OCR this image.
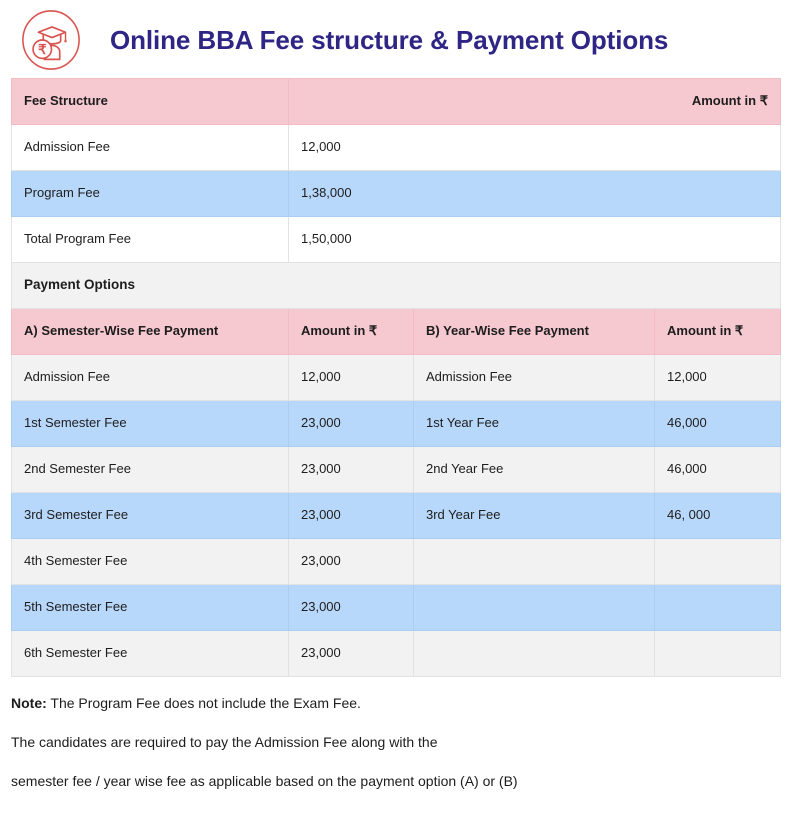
₹ Online BBA Fee structure & Payment Options
Fee Structure	Amount in ₹		
Admission Fee	12,000		
Program Fee	1,38,000		
Total Program Fee	1,50,000		
Payment Options			
A) Semester-Wise Fee Payment	Amount in ₹	B) Year-Wise Fee Payment	Amount in ₹
Admission Fee	12,000	Admission Fee	12,000
1st Semester Fee	23,000	1st Year Fee	46,000
2nd Semester Fee	23,000	2nd Year Fee	46,000
3rd Semester Fee	23,000	3rd Year Fee	46, 000
4th Semester Fee	23,000		
5th Semester Fee	23,000		
6th Semester Fee	23,000		

Note: The Program Fee does not include the Exam Fee.

The candidates are required to pay the Admission Fee along with the

semester fee / year wise fee as applicable based on the payment option (A) or (B)
